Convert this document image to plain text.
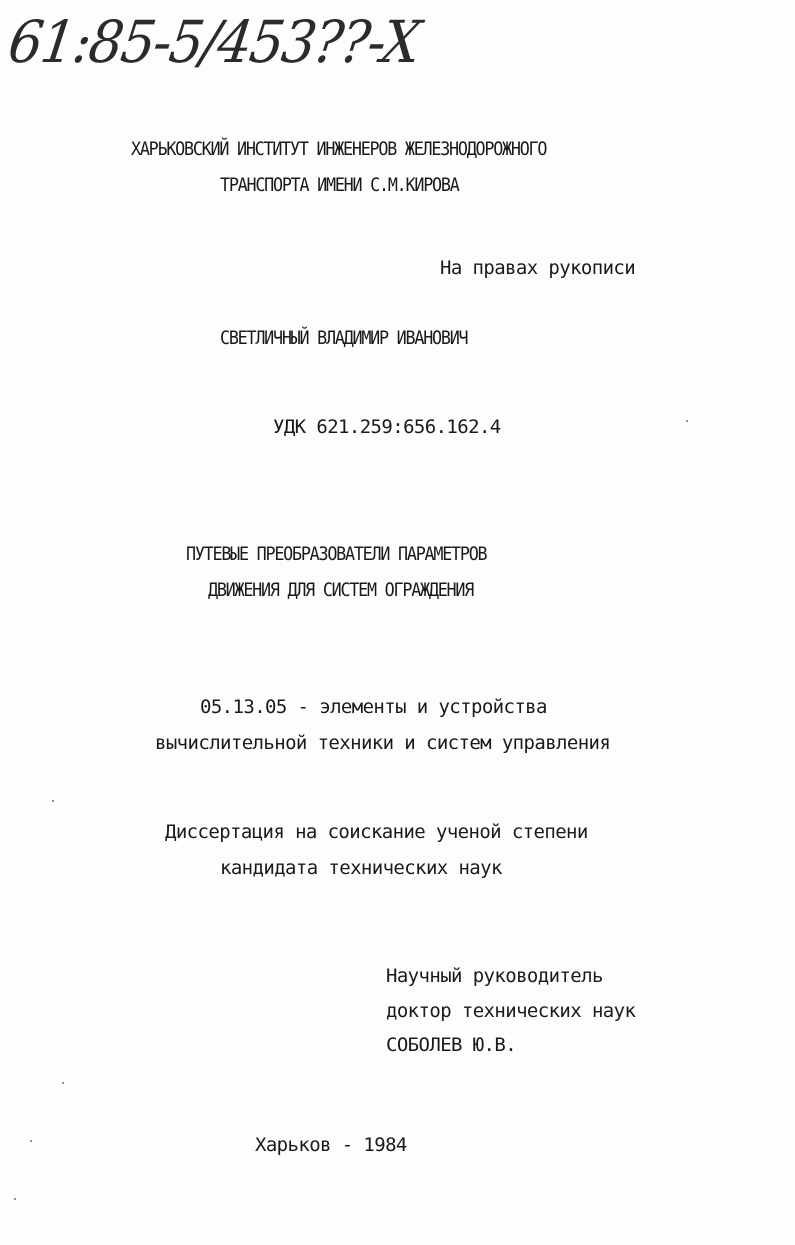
61:85-5/453??-X
ХАРЬКОВСКИЙ ИНСТИТУТ ИНЖЕНЕРОВ ЖЕЛЕЗНОДОРОЖНОГО
ТРАНСПОРТА ИМЕНИ С.М.КИРОВА
На правах рукописи
СВЕТЛИЧНЫЙ ВЛАДИМИР ИВАНОВИЧ
УДК 621.259:656.162.4
ПУТЕВЫЕ ПРЕОБРАЗОВАТЕЛИ ПАРАМЕТРОВ
ДВИЖЕНИЯ ДЛЯ СИСТЕМ ОГРАЖДЕНИЯ
05.13.05 - элементы и устройства
вычислительной техники и систем управления
Диссертация на соискание ученой степени
кандидата технических наук
Научный руководитель
доктор технических наук
СОБОЛЕВ Ю.В.
Харьков - 1984
